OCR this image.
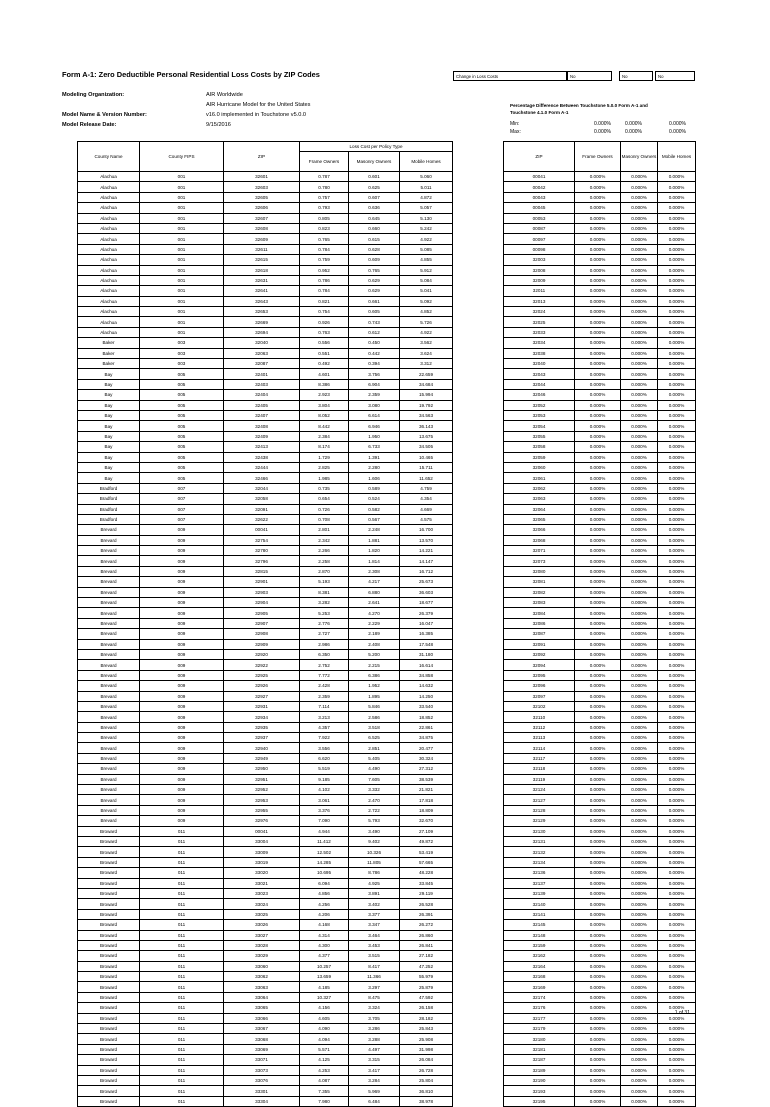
Form A-1: Zero Deductible Personal Residential Loss Costs by ZIP Codes	Change in Loss Costs	No	No	No
Modeling Organization:	AIR Worldwide
AIR Hurricane Model for the United States
Model Name & Version Number:	v16.0 implemented in Touchstone v5.0.0
Model Release Date:	9/15/2016
Percentage Difference Between Touchstone 5.0.0 Form A-1 and
Touchstone 4.1.0 Form A-1
Min:	0.000%	0.000%	0.000%
Max:	0.000%	0.000%	0.000%
County Name	County FIPS	ZIP	Loss Cost per Policy Type		
			Frame Owners	Masonry Owners	Mobile Homes
Alachua	001	32601	0.787	0.601	5.060
Alachua	001	32603	0.780	0.625	5.011
Alachua	001	32605	0.757	0.607	4.872
Alachua	001	32606	0.793	0.636	5.057
Alachua	001	32607	0.805	0.645	5.130
Alachua	001	32608	0.823	0.660	5.242
Alachua	001	32609	0.765	0.615	4.922
Alachua	001	32611	0.784	0.628	5.085
Alachua	001	32615	0.759	0.609	4.855
Alachua	001	32618	0.952	0.765	5.912
Alachua	001	32631	0.786	0.629	5.084
Alachua	001	32641	0.784	0.629	5.041
Alachua	001	32643	0.821	0.661	5.092
Alachua	001	32653	0.754	0.605	4.852
Alachua	001	32669	0.926	0.743	5.726
Alachua	001	32694	0.763	0.612	4.922
Baker	003	32040	0.556	0.450	3.562
Baker	003	32063	0.551	0.442	3.624
Baker	003	32087	0.492	0.394	3.312
Bay	005	32401	4.601	3.756	22.659
Bay	005	32403	8.386	6.904	34.684
Bay	005	32404	2.923	2.359	15.994
Bay	005	32405	3.804	3.080	19.792
Bay	005	32407	8.052	6.614	34.563
Bay	005	32408	8.442	6.946	36.143
Bay	005	32409	2.384	1.950	13.675
Bay	005	32413	8.174	6.733	34.505
Bay	005	32438	1.729	1.391	10.465
Bay	005	32444	2.825	2.280	15.711
Bay	005	32466	1.985	1.606	11.652
Bradford	007	32044	0.735	0.589	4.759
Bradford	007	32058	0.654	0.524	4.354
Bradford	007	32091	0.726	0.582	4.669
Bradford	007	32622	0.708	0.567	4.575
Brevard	009	00041	2.801	2.248	16.700
Brevard	009	32754	2.342	1.881	13.570
Brevard	009	32780	2.266	1.820	14.221
Brevard	009	32796	2.258	1.814	14.147
Brevard	009	32815	2.870	2.308	16.712
Brevard	009	32901	5.193	4.217	25.673
Brevard	009	32903	8.381	6.880	36.603
Brevard	009	32904	3.282	2.641	18.677
Brevard	009	32905	5.253	4.270	26.379
Brevard	009	32907	2.776	2.229	16.047
Brevard	009	32908	2.727	2.189	16.385
Brevard	009	32909	2.986	2.408	17.548
Brevard	009	32920	6.350	5.200	31.180
Brevard	009	32922	2.752	2.215	16.614
Brevard	009	32925	7.772	6.386	34.858
Brevard	009	32926	2.428	1.952	14.632
Brevard	009	32927	2.359	1.895	14.250
Brevard	009	32931	7.114	5.846	33.540
Brevard	009	32934	3.213	2.586	18.852
Brevard	009	32935	4.357	3.518	22.861
Brevard	009	32937	7.922	6.525	34.875
Brevard	009	32940	3.556	2.851	20.477
Brevard	009	32949	6.620	5.405	30.324
Brevard	009	32950	5.519	4.490	27.312
Brevard	009	32951	9.185	7.605	38.539
Brevard	009	32952	4.102	3.332	21.821
Brevard	009	32953	3.061	2.470	17.818
Brevard	009	32955	3.376	2.722	18.809
Brevard	009	32976	7.090	5.793	32.670
Broward	011	00041	4.944	3.490	27.109
Broward	011	33004	11.412	9.402	49.872
Broward	011	33009	12.502	10.326	53.419
Broward	011	33019	14.285	11.805	57.665
Broward	011	33020	10.695	8.786	48.228
Broward	011	33021	6.094	4.925	33.845
Broward	011	33023	4.856	3.891	29.119
Broward	011	33024	4.256	3.402	26.528
Broward	011	33025	4.206	3.377	26.391
Broward	011	33026	4.168	3.347	26.272
Broward	011	33027	4.314	3.464	26.860
Broward	011	33028	4.300	3.453	26.841
Broward	011	33029	4.377	3.515	27.182
Broward	011	33060	10.257	8.417	47.252
Broward	011	33062	13.659	11.366	55.979
Broward	011	33063	4.185	3.297	25.879
Broward	011	33064	10.327	8.475	47.592
Broward	011	33065	4.156	3.324	26.158
Broward	011	33066	4.605	3.705	28.182
Broward	011	33067	4.090	3.286	25.843
Broward	011	33068	4.094	3.288	25.908
Broward	011	33069	5.571	4.497	31.998
Broward	011	33071	4.125	3.315	26.084
Broward	011	33073	4.253	3.417	26.728
Broward	011	33076	4.087	3.284	25.804
Broward	011	33301	7.355	5.969	36.810
Broward	011	33304	7.980	6.484	38.978
ZIP	Frame Owners	Masonry Owners	Mobile Homes
00041	0.000%	0.000%	0.000%
00042	0.000%	0.000%	0.000%
00043	0.000%	0.000%	0.000%
00045	0.000%	0.000%	0.000%
00053	0.000%	0.000%	0.000%
00087	0.000%	0.000%	0.000%
00097	0.000%	0.000%	0.000%
00098	0.000%	0.000%	0.000%
32003	0.000%	0.000%	0.000%
32008	0.000%	0.000%	0.000%
32009	0.000%	0.000%	0.000%
32011	0.000%	0.000%	0.000%
32013	0.000%	0.000%	0.000%
32024	0.000%	0.000%	0.000%
32025	0.000%	0.000%	0.000%
32033	0.000%	0.000%	0.000%
32034	0.000%	0.000%	0.000%
32038	0.000%	0.000%	0.000%
32040	0.000%	0.000%	0.000%
32043	0.000%	0.000%	0.000%
32044	0.000%	0.000%	0.000%
32046	0.000%	0.000%	0.000%
32052	0.000%	0.000%	0.000%
32053	0.000%	0.000%	0.000%
32054	0.000%	0.000%	0.000%
32055	0.000%	0.000%	0.000%
32058	0.000%	0.000%	0.000%
32059	0.000%	0.000%	0.000%
32060	0.000%	0.000%	0.000%
32061	0.000%	0.000%	0.000%
32062	0.000%	0.000%	0.000%
32063	0.000%	0.000%	0.000%
32064	0.000%	0.000%	0.000%
32065	0.000%	0.000%	0.000%
32066	0.000%	0.000%	0.000%
32068	0.000%	0.000%	0.000%
32071	0.000%	0.000%	0.000%
32073	0.000%	0.000%	0.000%
32080	0.000%	0.000%	0.000%
32081	0.000%	0.000%	0.000%
32082	0.000%	0.000%	0.000%
32083	0.000%	0.000%	0.000%
32084	0.000%	0.000%	0.000%
32086	0.000%	0.000%	0.000%
32087	0.000%	0.000%	0.000%
32091	0.000%	0.000%	0.000%
32092	0.000%	0.000%	0.000%
32094	0.000%	0.000%	0.000%
32095	0.000%	0.000%	0.000%
32096	0.000%	0.000%	0.000%
32097	0.000%	0.000%	0.000%
32102	0.000%	0.000%	0.000%
32110	0.000%	0.000%	0.000%
32112	0.000%	0.000%	0.000%
32113	0.000%	0.000%	0.000%
32114	0.000%	0.000%	0.000%
32117	0.000%	0.000%	0.000%
32118	0.000%	0.000%	0.000%
32119	0.000%	0.000%	0.000%
32124	0.000%	0.000%	0.000%
32127	0.000%	0.000%	0.000%
32128	0.000%	0.000%	0.000%
32129	0.000%	0.000%	0.000%
32130	0.000%	0.000%	0.000%
32131	0.000%	0.000%	0.000%
32132	0.000%	0.000%	0.000%
32134	0.000%	0.000%	0.000%
32136	0.000%	0.000%	0.000%
32137	0.000%	0.000%	0.000%
32139	0.000%	0.000%	0.000%
32140	0.000%	0.000%	0.000%
32141	0.000%	0.000%	0.000%
32145	0.000%	0.000%	0.000%
32148	0.000%	0.000%	0.000%
32159	0.000%	0.000%	0.000%
32162	0.000%	0.000%	0.000%
32164	0.000%	0.000%	0.000%
32168	0.000%	0.000%	0.000%
32169	0.000%	0.000%	0.000%
32174	0.000%	0.000%	0.000%
32176	0.000%	0.000%	0.000%
32177	0.000%	0.000%	0.000%
32179	0.000%	0.000%	0.000%
32180	0.000%	0.000%	0.000%
32181	0.000%	0.000%	0.000%
32187	0.000%	0.000%	0.000%
32189	0.000%	0.000%	0.000%
32190	0.000%	0.000%	0.000%
32193	0.000%	0.000%	0.000%
32195	0.000%	0.000%	0.000%
1 of 31
